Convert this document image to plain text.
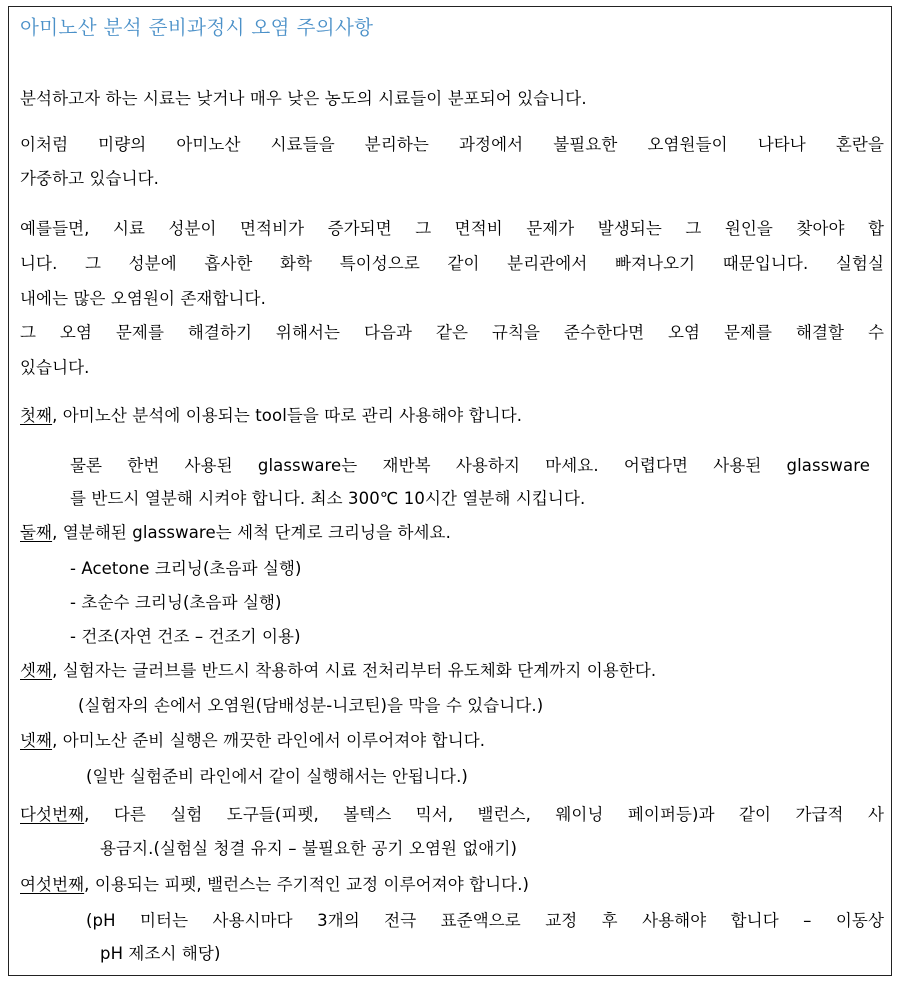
아미노산 분석 준비과정시 오염 주의사항
분석하고자 하는 시료는 낮거나 매우 낮은 농도의 시료들이 분포되어 있습니다.
이처럼 미량의 아미노산 시료들을 분리하는 과정에서 불필요한 오염원들이 나타나 혼란을
가중하고 있습니다.
예를들면, 시료 성분이 면적비가 증가되면 그 면적비 문제가 발생되는 그 원인을 찾아야 합
니다. 그 성분에 흡사한 화학 특이성으로 같이 분리관에서 빠져나오기 때문입니다. 실험실
내에는 많은 오염원이 존재합니다.
그 오염 문제를 해결하기 위해서는 다음과 같은 규칙을 준수한다면 오염 문제를 해결할 수
있습니다.
첫째, 아미노산 분석에 이용되는 tool들을 따로 관리 사용해야 합니다.
물론 한번 사용된 glassware는 재반복 사용하지 마세요. 어렵다면 사용된 glassware
를 반드시 열분해 시켜야 합니다. 최소 300℃ 10시간 열분해 시킵니다.
둘째, 열분해된 glassware는 세척 단계로 크리닝을 하세요.
- Acetone 크리닝(초음파 실행)
- 초순수 크리닝(초음파 실행)
- 건조(자연 건조 – 건조기 이용)
셋째, 실험자는 글러브를 반드시 착용하여 시료 전처리부터 유도체화 단계까지 이용한다.
(실험자의 손에서 오염원(담배성분-니코틴)을 막을 수 있습니다.)
넷째, 아미노산 준비 실행은 깨끗한 라인에서 이루어져야 합니다.
(일반 실험준비 라인에서 같이 실행해서는 안됩니다.)
다섯번째, 다른 실험 도구들(피펫, 볼텍스 믹서, 밸런스, 웨이닝 페이퍼등)과 같이 가급적 사
용금지.(실험실 청결 유지 – 불필요한 공기 오염원 없애기)
여섯번째, 이용되는 피펫, 밸런스는 주기적인 교정 이루어져야 합니다.)
(pH 미터는 사용시마다 3개의 전극 표준액으로 교정 후 사용해야 합니다 – 이동상
pH 제조시 해당)
